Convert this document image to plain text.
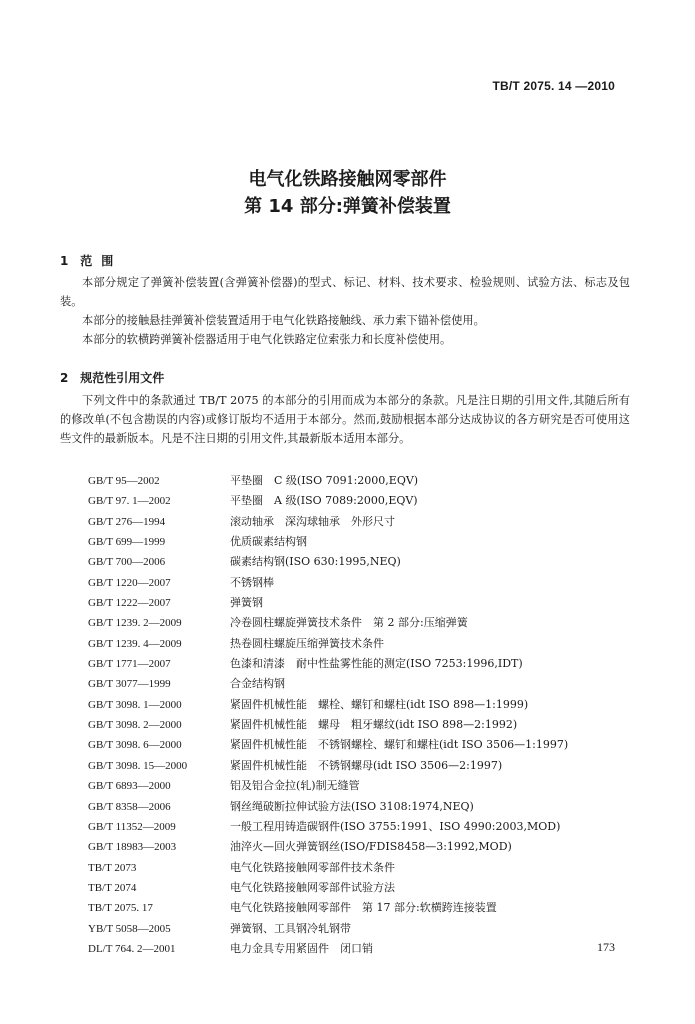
TB/T 2075. 14 —2010
电气化铁路接触网零部件
第 14 部分:弹簧补偿装置
1 范围

本部分规定了弹簧补偿装置(含弹簧补偿器)的型式、标记、材料、技术要求、检验规则、试验方法、标志及包装。

本部分的接触悬挂弹簧补偿装置适用于电气化铁路接触线、承力索下锚补偿使用。

本部分的软横跨弹簧补偿器适用于电气化铁路定位索张力和长度补偿使用。

2 规范性引用文件

下列文件中的条款通过 TB/T 2075 的本部分的引用而成为本部分的条款。凡是注日期的引用文件,其随后所有的修改单(不包含勘误的内容)或修订版均不适用于本部分。然而,鼓励根据本部分达成协议的各方研究是否可使用这些文件的最新版本。凡是不注日期的引用文件,其最新版本适用本部分。

GB/T 95—2002	平垫圈　C 级(ISO 7091:2000,EQV)
GB/T 97. 1—2002	平垫圈　A 级(ISO 7089:2000,EQV)
GB/T 276—1994	滚动轴承　深沟球轴承　外形尺寸
GB/T 699—1999	优质碳素结构钢
GB/T 700—2006	碳素结构钢(ISO 630:1995,NEQ)
GB/T 1220—2007	不锈钢棒
GB/T 1222—2007	弹簧钢
GB/T 1239. 2—2009	冷卷圆柱螺旋弹簧技术条件　第 2 部分:压缩弹簧
GB/T 1239. 4—2009	热卷圆柱螺旋压缩弹簧技术条件
GB/T 1771—2007	色漆和清漆　耐中性盐雾性能的测定(ISO 7253:1996,IDT)
GB/T 3077—1999	合金结构钢
GB/T 3098. 1—2000	紧固件机械性能　螺栓、螺钉和螺柱(idt ISO 898—1:1999)
GB/T 3098. 2—2000	紧固件机械性能　螺母　粗牙螺纹(idt ISO 898—2:1992)
GB/T 3098. 6—2000	紧固件机械性能　不锈钢螺栓、螺钉和螺柱(idt ISO 3506—1:1997)
GB/T 3098. 15—2000	紧固件机械性能　不锈钢螺母(idt ISO 3506—2:1997)
GB/T 6893—2000	铝及铝合金拉(轧)制无缝管
GB/T 8358—2006	钢丝绳破断拉伸试验方法(ISO 3108:1974,NEQ)
GB/T 11352—2009	一般工程用铸造碳钢件(ISO 3755:1991、ISO 4990:2003,MOD)
GB/T 18983—2003	油淬火—回火弹簧钢丝(ISO/FDIS8458—3:1992,MOD)
TB/T 2073	电气化铁路接触网零部件技术条件
TB/T 2074	电气化铁路接触网零部件试验方法
TB/T 2075. 17	电气化铁路接触网零部件　第 17 部分:软横跨连接装置
YB/T 5058—2005	弹簧钢、工具钢冷轧钢带
DL/T 764. 2—2001	电力金具专用紧固件　闭口销	173
